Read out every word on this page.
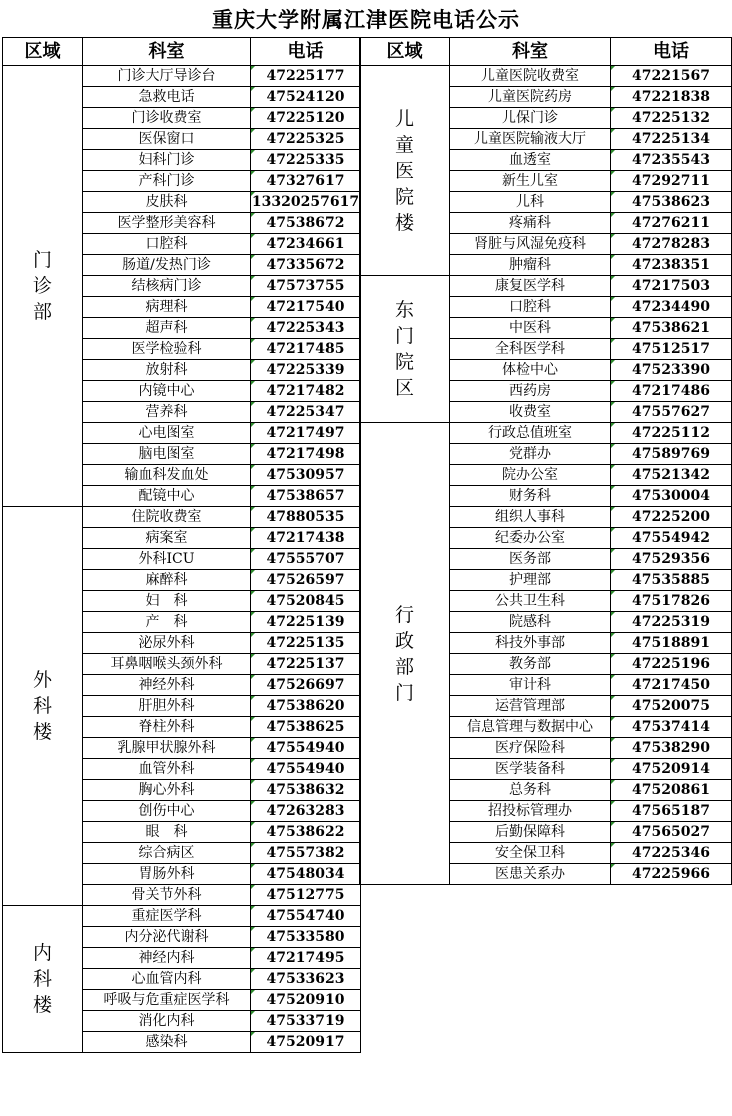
重庆大学附属江津医院电话公示
区域	科室	电话
门诊部	门诊大厅导诊台	47225177
	急救电话	47524120
	门诊收费室	47225120
	医保窗口	47225325
	妇科门诊	47225335
	产科门诊	47327617
	皮肤科	13320257617
	医学整形美容科	47538672
	口腔科	47234661
	肠道/发热门诊	47335672
	结核病门诊	47573755
	病理科	47217540
	超声科	47225343
	医学检验科	47217485
	放射科	47225339
	内镜中心	47217482
	营养科	47225347
	心电图室	47217497
	脑电图室	47217498
	输血科发血处	47530957
	配镜中心	47538657
外科楼	住院收费室	47880535
	病案室	47217438
	外科ICU	47555707
	麻醉科	47526597
	妇　科	47520845
	产　科	47225139
	泌尿外科	47225135
	耳鼻咽喉头颈外科	47225137
	神经外科	47526697
	肝胆外科	47538620
	脊柱外科	47538625
	乳腺甲状腺外科	47554940
	血管外科	47554940
	胸心外科	47538632
	创伤中心	47263283
	眼　科	47538622
	综合病区	47557382
	胃肠外科	47548034
	骨关节外科	47512775
内科楼	重症医学科	47554740
	内分泌代谢科	47533580
	神经内科	47217495
	心血管内科	47533623
	呼吸与危重症医学科	47520910
	消化内科	47533719
	感染科	47520917
区域	科室	电话
儿童医院楼	儿童医院收费室	47221567
	儿童医院药房	47221838
	儿保门诊	47225132
	儿童医院输液大厅	47225134
	血透室	47235543
	新生儿室	47292711
	儿科	47538623
	疼痛科	47276211
	肾脏与风湿免疫科	47278283
	肿瘤科	47238351
东门院区	康复医学科	47217503
	口腔科	47234490
	中医科	47538621
	全科医学科	47512517
	体检中心	47523390
	西药房	47217486
	收费室	47557627
行政部门	行政总值班室	47225112
	党群办	47589769
	院办公室	47521342
	财务科	47530004
	组织人事科	47225200
	纪委办公室	47554942
	医务部	47529356
	护理部	47535885
	公共卫生科	47517826
	院感科	47225319
	科技外事部	47518891
	教务部	47225196
	审计科	47217450
	运营管理部	47520075
	信息管理与数据中心	47537414
	医疗保险科	47538290
	医学装备科	47520914
	总务科	47520861
	招投标管理办	47565187
	后勤保障科	47565027
	安全保卫科	47225346
	医患关系办	47225966
